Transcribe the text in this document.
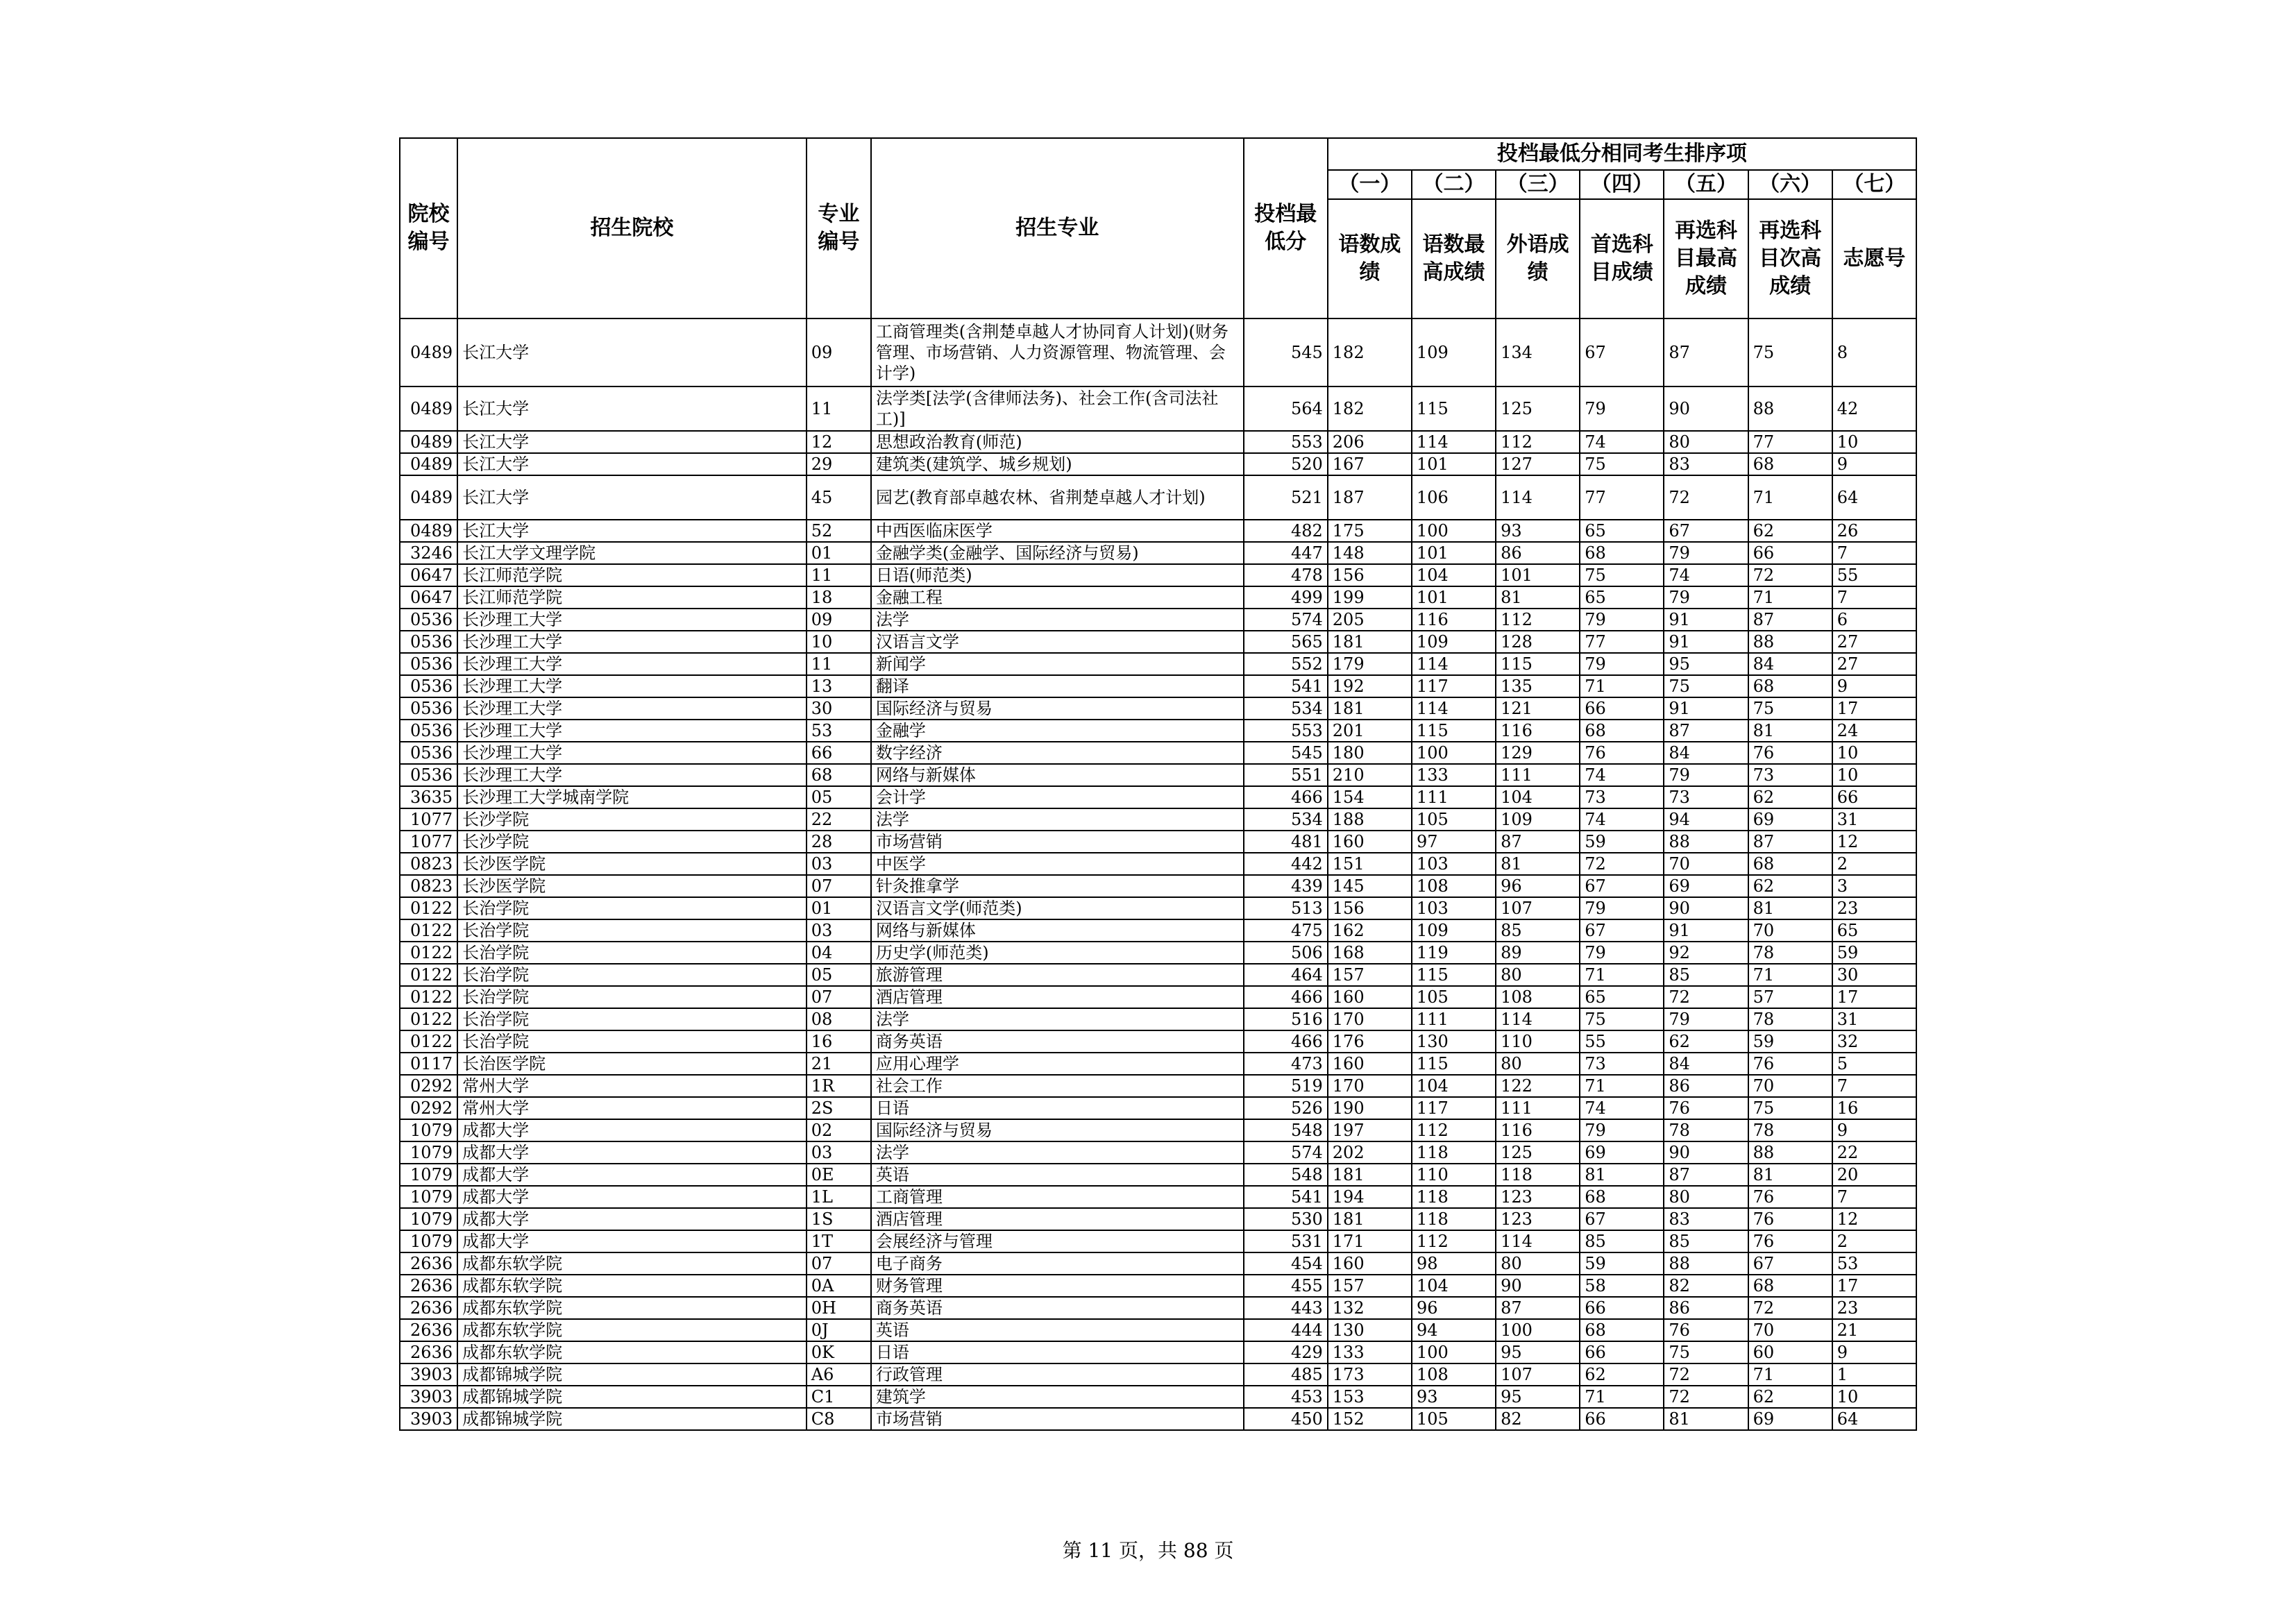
院校编号	招生院校	专业编号	招生专业	投档最低分	投档最低分相同考生排序项						
					（一）	（二）	（三）	（四）	（五）	（六）	（七）
					语数成绩	语数最高成绩	外语成绩	首选科目成绩	再选科目最高成绩	再选科目次高成绩	志愿号
0489	长江大学	09	工商管理类(含荆楚卓越人才协同育人计划)(财务管理、市场营销、人力资源管理、物流管理、会计学)	545	182	109	134	67	87	75	8
0489	长江大学	11	法学类[法学(含律师法务)、社会工作(含司法社工)]	564	182	115	125	79	90	88	42
0489	长江大学	12	思想政治教育(师范)	553	206	114	112	74	80	77	10
0489	长江大学	29	建筑类(建筑学、城乡规划)	520	167	101	127	75	83	68	9
0489	长江大学	45	园艺(教育部卓越农林、省荆楚卓越人才计划)	521	187	106	114	77	72	71	64
0489	长江大学	52	中西医临床医学	482	175	100	93	65	67	62	26
3246	长江大学文理学院	01	金融学类(金融学、国际经济与贸易)	447	148	101	86	68	79	66	7
0647	长江师范学院	11	日语(师范类)	478	156	104	101	75	74	72	55
0647	长江师范学院	18	金融工程	499	199	101	81	65	79	71	7
0536	长沙理工大学	09	法学	574	205	116	112	79	91	87	6
0536	长沙理工大学	10	汉语言文学	565	181	109	128	77	91	88	27
0536	长沙理工大学	11	新闻学	552	179	114	115	79	95	84	27
0536	长沙理工大学	13	翻译	541	192	117	135	71	75	68	9
0536	长沙理工大学	30	国际经济与贸易	534	181	114	121	66	91	75	17
0536	长沙理工大学	53	金融学	553	201	115	116	68	87	81	24
0536	长沙理工大学	66	数字经济	545	180	100	129	76	84	76	10
0536	长沙理工大学	68	网络与新媒体	551	210	133	111	74	79	73	10
3635	长沙理工大学城南学院	05	会计学	466	154	111	104	73	73	62	66
1077	长沙学院	22	法学	534	188	105	109	74	94	69	31
1077	长沙学院	28	市场营销	481	160	97	87	59	88	87	12
0823	长沙医学院	03	中医学	442	151	103	81	72	70	68	2
0823	长沙医学院	07	针灸推拿学	439	145	108	96	67	69	62	3
0122	长治学院	01	汉语言文学(师范类)	513	156	103	107	79	90	81	23
0122	长治学院	03	网络与新媒体	475	162	109	85	67	91	70	65
0122	长治学院	04	历史学(师范类)	506	168	119	89	79	92	78	59
0122	长治学院	05	旅游管理	464	157	115	80	71	85	71	30
0122	长治学院	07	酒店管理	466	160	105	108	65	72	57	17
0122	长治学院	08	法学	516	170	111	114	75	79	78	31
0122	长治学院	16	商务英语	466	176	130	110	55	62	59	32
0117	长治医学院	21	应用心理学	473	160	115	80	73	84	76	5
0292	常州大学	1R	社会工作	519	170	104	122	71	86	70	7
0292	常州大学	2S	日语	526	190	117	111	74	76	75	16
1079	成都大学	02	国际经济与贸易	548	197	112	116	79	78	78	9
1079	成都大学	03	法学	574	202	118	125	69	90	88	22
1079	成都大学	0E	英语	548	181	110	118	81	87	81	20
1079	成都大学	1L	工商管理	541	194	118	123	68	80	76	7
1079	成都大学	1S	酒店管理	530	181	118	123	67	83	76	12
1079	成都大学	1T	会展经济与管理	531	171	112	114	85	85	76	2
2636	成都东软学院	07	电子商务	454	160	98	80	59	88	67	53
2636	成都东软学院	0A	财务管理	455	157	104	90	58	82	68	17
2636	成都东软学院	0H	商务英语	443	132	96	87	66	86	72	23
2636	成都东软学院	0J	英语	444	130	94	100	68	76	70	21
2636	成都东软学院	0K	日语	429	133	100	95	66	75	60	9
3903	成都锦城学院	A6	行政管理	485	173	108	107	62	72	71	1
3903	成都锦城学院	C1	建筑学	453	153	93	95	71	72	62	10
3903	成都锦城学院	C8	市场营销	450	152	105	82	66	81	69	64
第 11 页，共 88 页
